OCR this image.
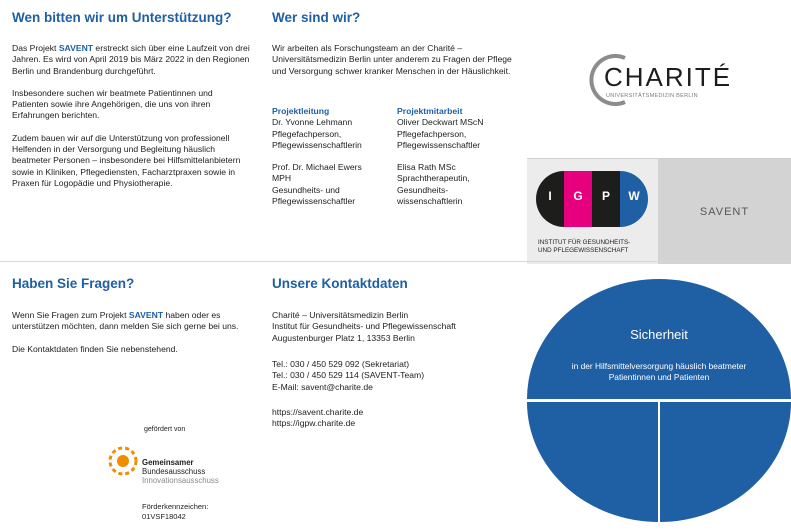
Wen bitten wir um Unterstützung?

Das Projekt SAVENT erstreckt sich über eine Laufzeit von drei Jahren. Es wird von April 2019 bis März 2022 in den Regionen Berlin und Brandenburg durchgeführt.

Insbesondere suchen wir beatmete Patientinnen und Patienten sowie ihre Angehörigen, die uns von ihren Erfahrungen berichten.

Zudem bauen wir auf die Unterstützung von professionell Helfenden in der Versorgung und Begleitung häuslich beatmeter Personen – insbesondere bei Hilfsmittelanbietern sowie in Kliniken, Pflegediensten, Facharztpraxen sowie in Praxen für Logopädie und Physiotherapie.

Wer sind wir?

Wir arbeiten als Forschungsteam an der Charité – Universitätsmedizin Berlin unter anderem zu Fragen der Pflege und Versorgung schwer kranker Menschen in der Häuslichkeit.

Projektleitung
Dr. Yvonne Lehmann
Pflegefachperson,
Pflegewissenschaftlerin
Prof. Dr. Michael Ewers
MPH
Gesundheits- und
Pflegewissenschaftler
Projektmitarbeit
Oliver Deckwart MScN
Pflegefachperson,
Pflegewissenschaftler
Elisa Rath MSc
Sprachtherapeutin,
Gesundheits-
wissenschaftlerin
CHARITÉ
UNIVERSITÄTSMEDIZIN BERLIN
I	G	P	W
INSTITUT FÜR GESUNDHEITS-
UND PFLEGEWISSENSCHAFT
SAVENT
Haben Sie Fragen?

Wenn Sie Fragen zum Projekt SAVENT haben oder es unterstützen möchten, dann melden Sie sich gerne bei uns.

Die Kontaktdaten finden Sie nebenstehend.

gefördert von
Gemeinsamer
Bundesausschuss
Innovationsausschuss
Förderkennzeichen:
01VSF18042
Unsere Kontaktdaten
Charité – Universitätsmedizin Berlin
Institut für Gesundheits- und Pflegewissenschaft
Augustenburger Platz 1, 13353 Berlin
Tel.: 030 / 450 529 092 (Sekretariat)
Tel.: 030 / 450 529 114 (SAVENT-Team)
E-Mail: savent@charite.de
https://savent.charite.de
https://igpw.charite.de
Sicherheit
in der Hilfsmittelversorgung häuslich beatmeter Patientinnen und Patienten
